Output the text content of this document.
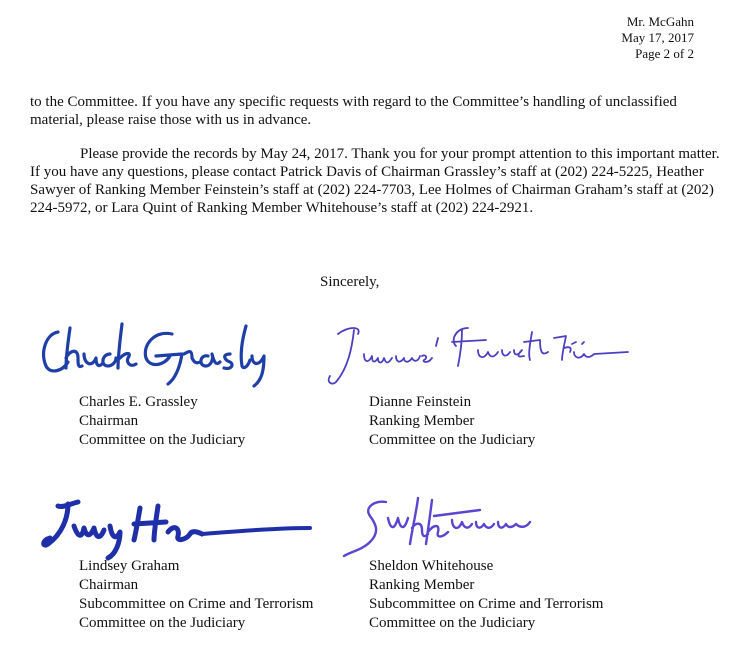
Mr. McGahn
May 17, 2017
Page 2 of 2
to the Committee. If you have any specific requests with regard to the Committee’s handling of unclassified material, please raise those with us in advance.
Please provide the records by May 24, 2017. Thank you for your prompt attention to this important matter. If you have any questions, please contact Patrick Davis of Chairman Grassley’s staff at (202) 224-5225, Heather Sawyer of Ranking Member Feinstein’s staff at (202) 224-7703, Lee Holmes of Chairman Graham’s staff at (202) 224-5972, or Lara Quint of Ranking Member Whitehouse’s staff at (202) 224-2921.
Sincerely,
Charles E. Grassley
Chairman
Committee on the Judiciary
Dianne Feinstein
Ranking Member
Committee on the Judiciary
Lindsey Graham
Chairman
Subcommittee on Crime and Terrorism
Committee on the Judiciary
Sheldon Whitehouse
Ranking Member
Subcommittee on Crime and Terrorism
Committee on the Judiciary
